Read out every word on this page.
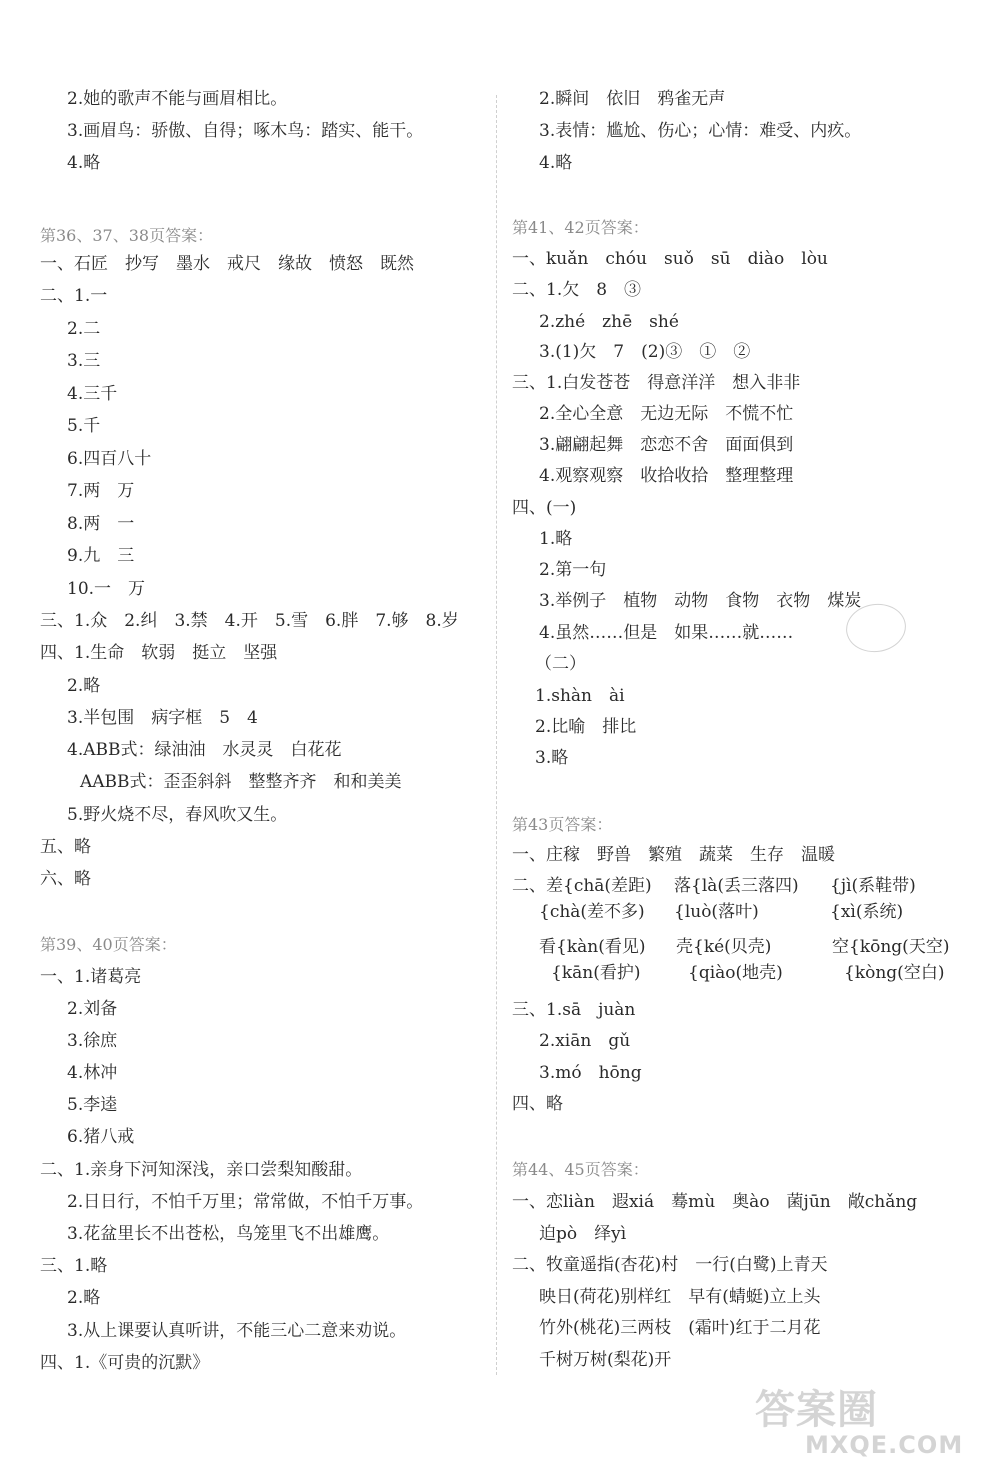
2.她的歌声不能与画眉相比。
3.画眉鸟：骄傲、自得；啄木鸟：踏实、能干。
4.略
第36、37、38页答案：
一、石匠　抄写　墨水　戒尺　缘故　愤怒　既然
二、1.一
2.二
3.三
4.三千
5.千
6.四百八十
7.两　万
8.两　一
9.九　三
10.一　万
三、1.众　2.纠　3.禁　4.开　5.雪　6.胖　7.够　8.岁
四、1.生命　软弱　挺立　坚强
2.略
3.半包围　病字框　5　4
4.ABB式：绿油油　水灵灵　白花花
AABB式：歪歪斜斜　整整齐齐　和和美美
5.野火烧不尽，春风吹又生。
五、略
六、略
第39、40页答案：
一、1.诸葛亮
2.刘备
3.徐庶
4.林冲
5.李逵
6.猪八戒
二、1.亲身下河知深浅，亲口尝梨知酸甜。
2.日日行，不怕千万里；常常做，不怕千万事。
3.花盆里长不出苍松，鸟笼里飞不出雄鹰。
三、1.略
2.略
3.从上课要认真听讲，不能三心二意来劝说。
四、1.《可贵的沉默》
2.瞬间　依旧　鸦雀无声
3.表情：尴尬、伤心；心情：难受、内疚。
4.略
第41、42页答案：
一、kuǎn　chóu　suǒ　sū　diào　lòu
二、1.欠　8　③
2.zhé　zhē　shé
3.(1)欠　7　(2)③　①　②
三、1.白发苍苍　得意洋洋　想入非非
2.全心全意　无边无际　不慌不忙
3.翩翩起舞　恋恋不舍　面面俱到
4.观察观察　收拾收拾　整理整理
四、(一)
1.略
2.第一句
3.举例子　植物　动物　食物　衣物　煤炭
4.虽然……但是　如果……就……
（二）
1.shàn　ài
2.比喻　排比
3.略
第43页答案：
一、庄稼　野兽　繁殖　蔬菜　生存　温暖
二、差{chā(差距)
{chà(差不多)
落{là(丢三落四)
{luò(落叶)
{jì(系鞋带)
{xì(系统)
看{kàn(看见)
{kān(看护)
壳{ké(贝壳)
{qiào(地壳)
空{kōng(天空)
{kòng(空白)
三、1.sā　juàn
2.xiān　gǔ
3.mó　hōng
四、略
第44、45页答案：
一、恋liàn　遐xiá　蓦mù　奥ào　菌jūn　敞chǎng
迫pò　绎yì
二、牧童遥指(杏花)村　一行(白鹭)上青天
映日(荷花)别样红　早有(蜻蜓)立上头
竹外(桃花)三两枝　(霜叶)红于二月花
千树万树(梨花)开
答案圈
MXQE.COM
